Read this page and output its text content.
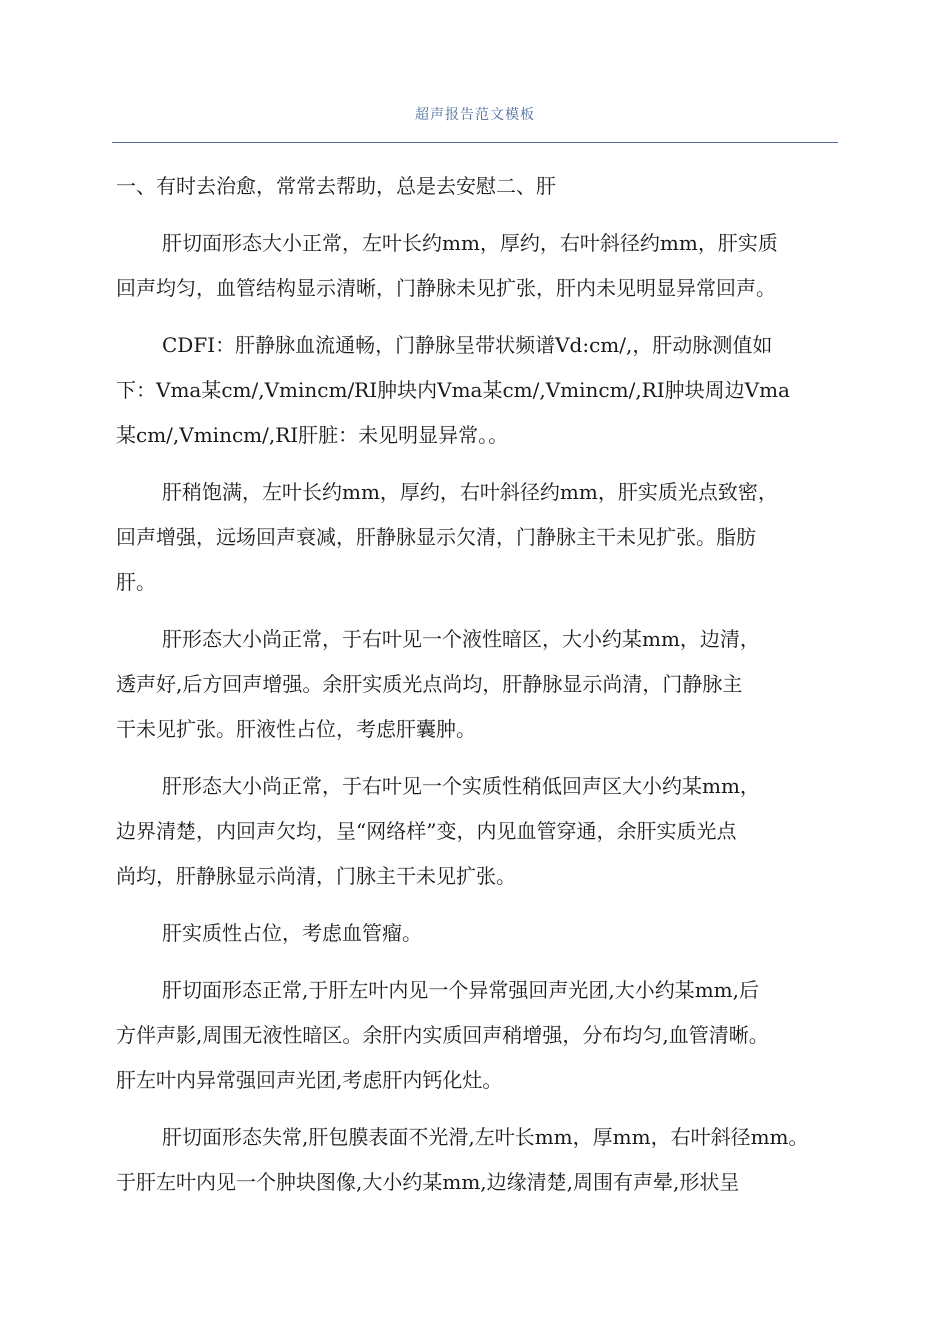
超声报告范文模板

一、有时去治愈，常常去帮助，总是去安慰二、肝

肝切面形态大小正常，左叶长约mm，厚约，右叶斜径约mm，肝实质
回声均匀，血管结构显示清晰，门静脉未见扩张，肝内未见明显异常回声。

CDFI：肝静脉血流通畅，门静脉呈带状频谱Vd:cm/,，肝动脉测值如
下：Vma某cm/,Vmincm/RI肿块内Vma某cm/,Vmincm/,RI肿块周边Vma
某cm/,Vmincm/,RI肝脏：未见明显异常。。

肝稍饱满，左叶长约mm，厚约，右叶斜径约mm，肝实质光点致密，
回声增强，远场回声衰减，肝静脉显示欠清，门静脉主干未见扩张。脂肪
肝。

肝形态大小尚正常，于右叶见一个液性暗区，大小约某mm，边清，
透声好,后方回声增强。余肝实质光点尚均，肝静脉显示尚清，门静脉主
干未见扩张。肝液性占位，考虑肝囊肿。

肝形态大小尚正常，于右叶见一个实质性稍低回声区大小约某mm，
边界清楚，内回声欠均，呈“网络样”变，内见血管穿通，余肝实质光点
尚均，肝静脉显示尚清，门脉主干未见扩张。

肝实质性占位，考虑血管瘤。

肝切面形态正常,于肝左叶内见一个异常强回声光团,大小约某mm,后
方伴声影,周围无液性暗区。余肝内实质回声稍增强，分布均匀,血管清晰。
肝左叶内异常强回声光团,考虑肝内钙化灶。

肝切面形态失常,肝包膜表面不光滑,左叶长mm，厚mm，右叶斜径mm。
于肝左叶内见一个肿块图像,大小约某mm,边缘清楚,周围有声晕,形状呈
